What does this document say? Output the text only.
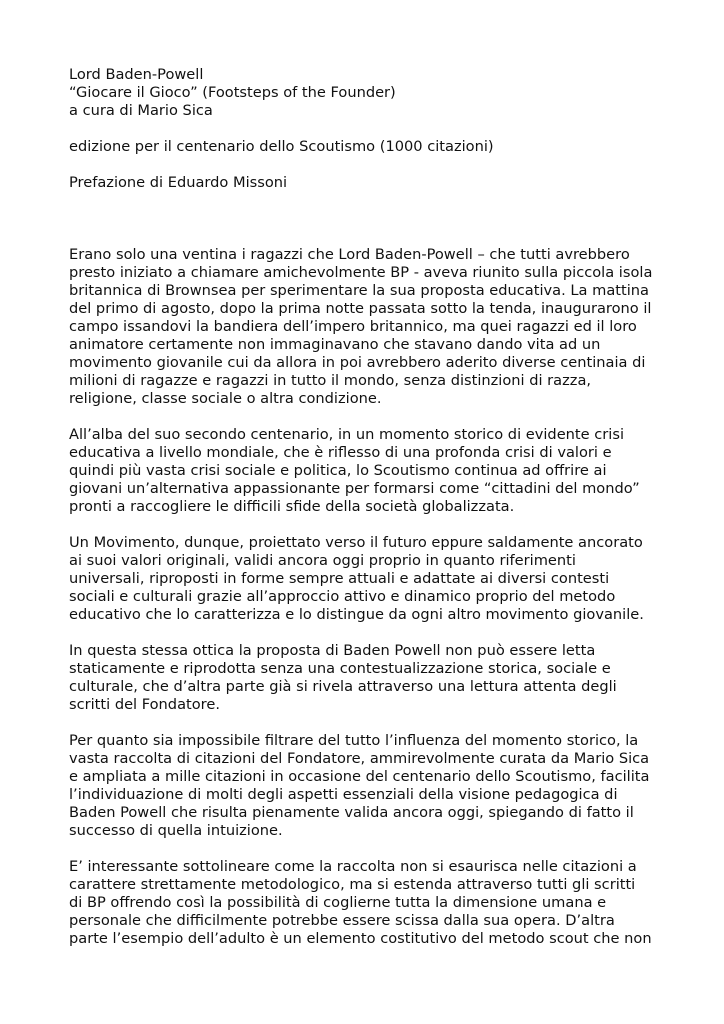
Lord Baden-Powell
“Giocare il Gioco” (Footsteps of the Founder)
a cura di Mario Sica
edizione per il centenario dello Scoutismo (1000 citazioni)
Prefazione di Eduardo Missoni

Erano solo una ventina i ragazzi che Lord Baden-Powell – che tutti avrebbero
presto iniziato a chiamare amichevolmente BP - aveva riunito sulla piccola isola
britannica di Brownsea per sperimentare la sua proposta educativa. La mattina
del primo di agosto, dopo la prima notte passata sotto la tenda, inaugurarono il
campo issandovi la bandiera dell’impero britannico, ma quei ragazzi ed il loro
animatore certamente non immaginavano che stavano dando vita ad un
movimento giovanile cui da allora in poi avrebbero aderito diverse centinaia di
milioni di ragazze e ragazzi in tutto il mondo, senza distinzioni di razza,
religione, classe sociale o altra condizione.

All’alba del suo secondo centenario, in un momento storico di evidente crisi
educativa a livello mondiale, che è riflesso di una profonda crisi di valori e
quindi più vasta crisi sociale e politica, lo Scoutismo continua ad offrire ai
giovani un’alternativa appassionante per formarsi come “cittadini del mondo”
pronti a raccogliere le difficili sfide della società globalizzata.

Un Movimento, dunque, proiettato verso il futuro eppure saldamente ancorato
ai suoi valori originali, validi ancora oggi proprio in quanto riferimenti
universali, riproposti in forme sempre attuali e adattate ai diversi contesti
sociali e culturali grazie all’approccio attivo e dinamico proprio del metodo
educativo che lo caratterizza e lo distingue da ogni altro movimento giovanile.

In questa stessa ottica la proposta di Baden Powell non può essere letta
staticamente e riprodotta senza una contestualizzazione storica, sociale e
culturale, che d’altra parte già si rivela attraverso una lettura attenta degli
scritti del Fondatore.

Per quanto sia impossibile filtrare del tutto l’influenza del momento storico, la
vasta raccolta di citazioni del Fondatore, ammirevolmente curata da Mario Sica
e ampliata a mille citazioni in occasione del centenario dello Scoutismo, facilita
l’individuazione di molti degli aspetti essenziali della visione pedagogica di
Baden Powell che risulta pienamente valida ancora oggi, spiegando di fatto il
successo di quella intuizione.

E’ interessante sottolineare come la raccolta non si esaurisca nelle citazioni a
carattere strettamente metodologico, ma si estenda attraverso tutti gli scritti
di BP offrendo così la possibilità di coglierne tutta la dimensione umana e
personale che difficilmente potrebbe essere scissa dalla sua opera. D’altra
parte l’esempio dell’adulto è un elemento costitutivo del metodo scout che non
